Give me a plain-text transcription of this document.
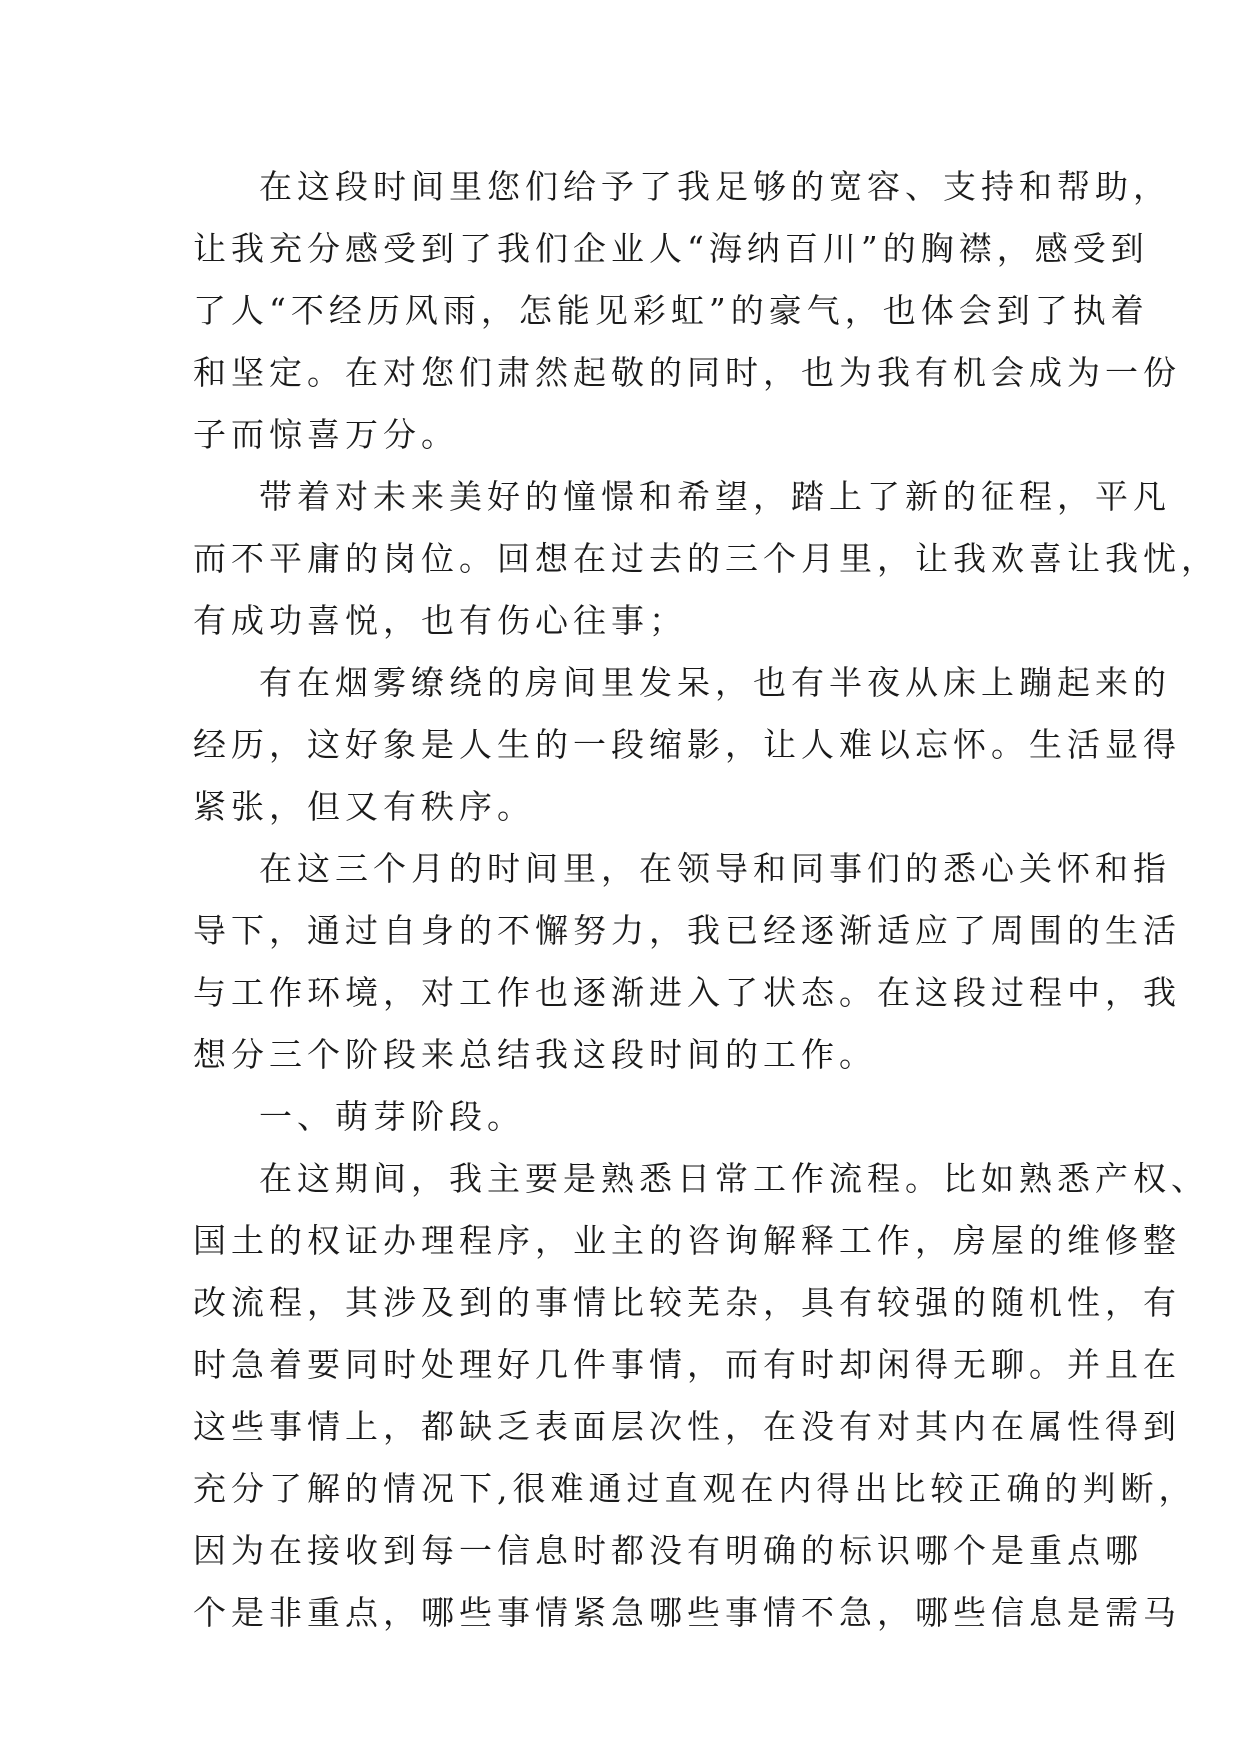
在这段时间里您们给予了我足够的宽容、支持和帮助，
让我充分感受到了我们企业人“海纳百川”的胸襟，感受到
了人“不经历风雨，怎能见彩虹”的豪气，也体会到了执着
和坚定。在对您们肃然起敬的同时，也为我有机会成为一份
子而惊喜万分。
带着对未来美好的憧憬和希望，踏上了新的征程，平凡
而不平庸的岗位。回想在过去的三个月里，让我欢喜让我忧，
有成功喜悦，也有伤心往事；
有在烟雾缭绕的房间里发呆，也有半夜从床上蹦起来的
经历，这好象是人生的一段缩影，让人难以忘怀。生活显得
紧张，但又有秩序。
在这三个月的时间里，在领导和同事们的悉心关怀和指
导下，通过自身的不懈努力，我已经逐渐适应了周围的生活
与工作环境，对工作也逐渐进入了状态。在这段过程中，我
想分三个阶段来总结我这段时间的工作。
一、萌芽阶段。
在这期间，我主要是熟悉日常工作流程。比如熟悉产权、
国土的权证办理程序，业主的咨询解释工作，房屋的维修整
改流程，其涉及到的事情比较芜杂，具有较强的随机性，有
时急着要同时处理好几件事情，而有时却闲得无聊。并且在
这些事情上，都缺乏表面层次性，在没有对其内在属性得到
充分了解的情况下,很难通过直观在内得出比较正确的判断，
因为在接收到每一信息时都没有明确的标识哪个是重点哪
个是非重点，哪些事情紧急哪些事情不急，哪些信息是需马
